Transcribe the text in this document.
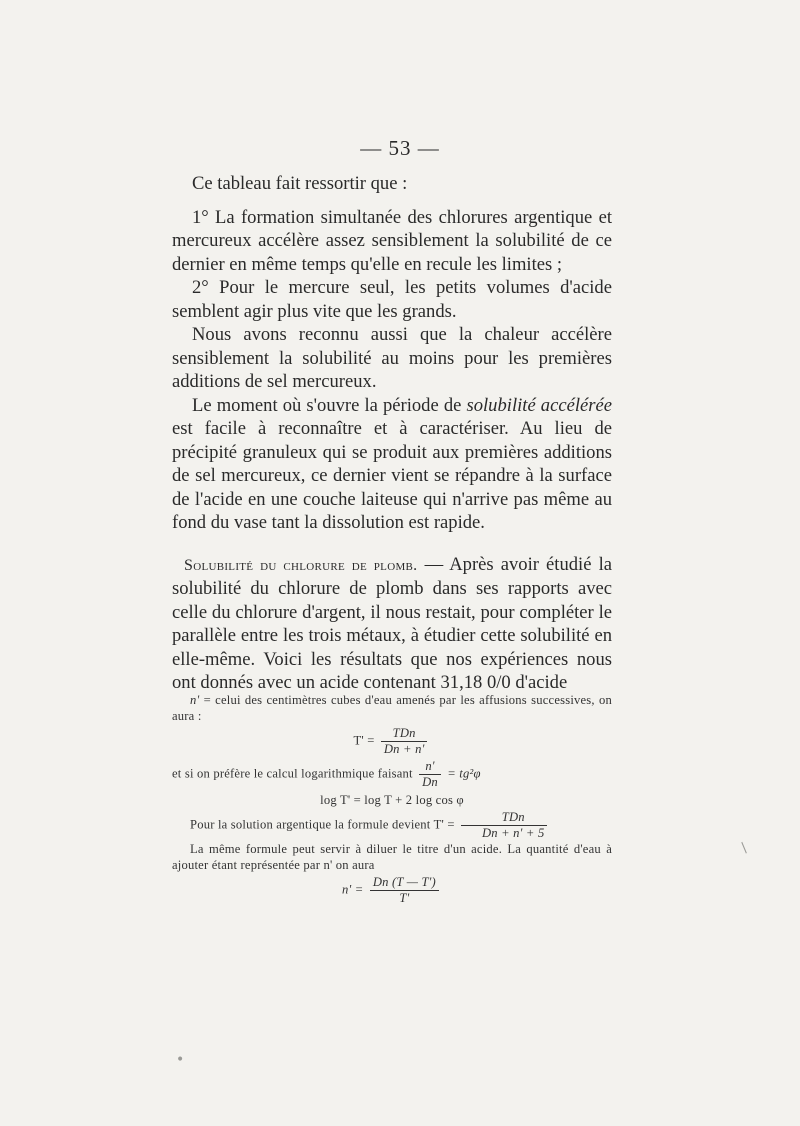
— 53 —

Ce tableau fait ressortir que :

1° La formation simultanée des chlorures argentique et mercureux accélère assez sensiblement la solubilité de ce dernier en même temps qu'elle en recule les limites ;

2° Pour le mercure seul, les petits volumes d'acide semblent agir plus vite que les grands.

Nous avons reconnu aussi que la chaleur accélère sensiblement la solubilité au moins pour les premières additions de sel mercureux.

Le moment où s'ouvre la période de solubilité accélérée est facile à reconnaître et à caractériser. Au lieu de précipité granuleux qui se produit aux premières additions de sel mercureux, ce dernier vient se répandre à la surface de l'acide en une couche laiteuse qui n'arrive pas même au fond du vase tant la dissolution est rapide.

Solubilité du chlorure de plomb. — Après avoir étudié la solubilité du chlorure de plomb dans ses rapports avec celle du chlorure d'argent, il nous restait, pour compléter le parallèle entre les trois métaux, à étudier cette solubilité en elle-même. Voici les résultats que nos expériences nous ont donnés avec un acide contenant 31,18 0/0 d'acide

n' = celui des centimètres cubes d'eau amenés par les affusions successives, on aura :

$T' = \frac{\text{TDn}}{Dn + n'}$

et si on préfère le calcul logarithmique faisant $\frac{n'}{Dn} = tg^2\varphi$

log T' = log T + 2 log cos φ

Pour la solution argentique la formule devient $T' = \frac{\text{TDn}}{Dn + n' + 5}$

La même formule peut servir à diluer le titre d'un acide. La quantité d'eau à ajouter étant représentée par n' on aura

$n' = \frac{Dn (T — T')}{T'}$
•
/
